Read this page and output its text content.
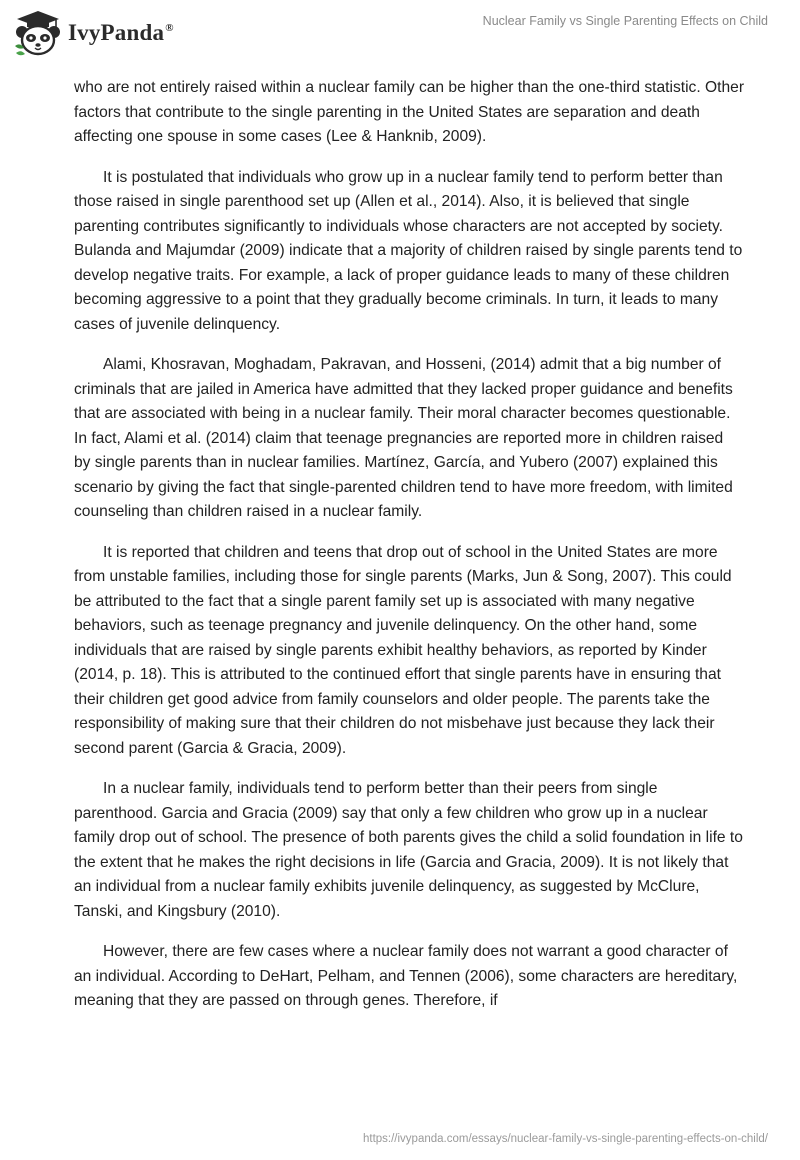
IvyPanda®
Nuclear Family vs Single Parenting Effects on Child

who are not entirely raised within a nuclear family can be higher than the one-third statistic. Other factors that contribute to the single parenting in the United States are separation and death affecting one spouse in some cases (Lee & Hanknib, 2009).

It is postulated that individuals who grow up in a nuclear family tend to perform better than those raised in single parenthood set up (Allen et al., 2014). Also, it is believed that single parenting contributes significantly to individuals whose characters are not accepted by society. Bulanda and Majumdar (2009) indicate that a majority of children raised by single parents tend to develop negative traits. For example, a lack of proper guidance leads to many of these children becoming aggressive to a point that they gradually become criminals. In turn, it leads to many cases of juvenile delinquency.

Alami, Khosravan, Moghadam, Pakravan, and Hosseni, (2014) admit that a big number of criminals that are jailed in America have admitted that they lacked proper guidance and benefits that are associated with being in a nuclear family. Their moral character becomes questionable. In fact, Alami et al. (2014) claim that teenage pregnancies are reported more in children raised by single parents than in nuclear families. Martínez, García, and Yubero (2007) explained this scenario by giving the fact that single-parented children tend to have more freedom, with limited counseling than children raised in a nuclear family.

It is reported that children and teens that drop out of school in the United States are more from unstable families, including those for single parents (Marks, Jun & Song, 2007). This could be attributed to the fact that a single parent family set up is associated with many negative behaviors, such as teenage pregnancy and juvenile delinquency. On the other hand, some individuals that are raised by single parents exhibit healthy behaviors, as reported by Kinder (2014, p. 18). This is attributed to the continued effort that single parents have in ensuring that their children get good advice from family counselors and older people. The parents take the responsibility of making sure that their children do not misbehave just because they lack their second parent (Garcia & Gracia, 2009).

In a nuclear family, individuals tend to perform better than their peers from single parenthood. Garcia and Gracia (2009) say that only a few children who grow up in a nuclear family drop out of school. The presence of both parents gives the child a solid foundation in life to the extent that he makes the right decisions in life (Garcia and Gracia, 2009). It is not likely that an individual from a nuclear family exhibits juvenile delinquency, as suggested by McClure, Tanski, and Kingsbury (2010).

However, there are few cases where a nuclear family does not warrant a good character of an individual. According to DeHart, Pelham, and Tennen (2006), some characters are hereditary, meaning that they are passed on through genes. Therefore, if

https://ivypanda.com/essays/nuclear-family-vs-single-parenting-effects-on-child/
